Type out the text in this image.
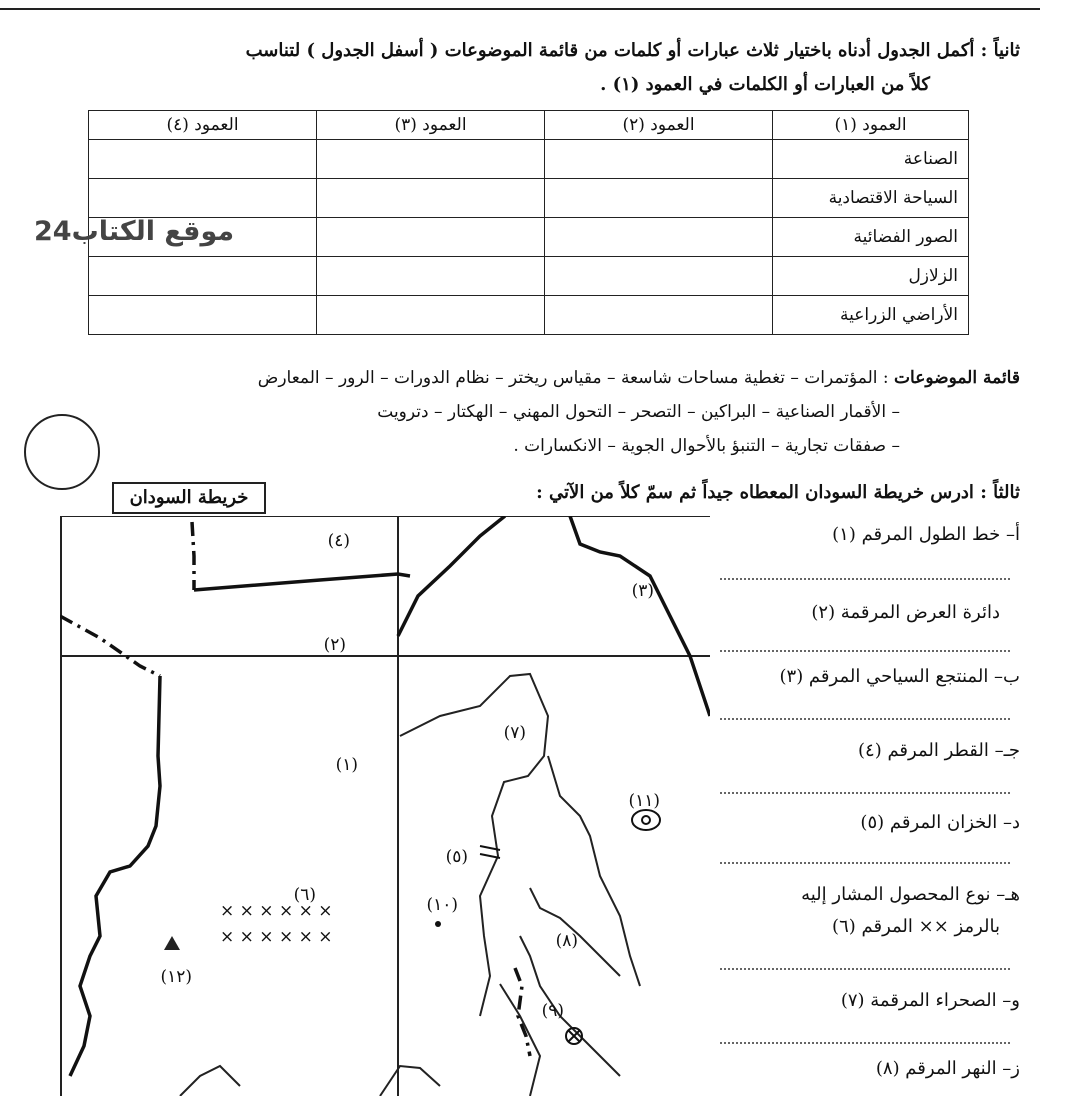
ثانياً : أكمل الجدول أدناه باختيار ثلاث عبارات أو كلمات من قائمة الموضوعات ( أسفل الجدول ) لتناسب
كلاً من العبارات أو الكلمات في العمود (١) .
العمود (١)	العمود (٢)	العمود (٣)	العمود (٤)
الصناعة			
السياحة الاقتصادية			
الصور الفضائية			
الزلازل			
الأراضي الزراعية			
موقع الكتاب24
قائمة الموضوعات : المؤتمرات – تغطية مساحات شاسعة – مقياس ريختر – نظام الدورات – الرور – المعارض
– الأقمار الصناعية – البراكين – التصحر – التحول المهني – الهكتار – دترويت
– صفقات تجارية – التنبؤ بالأحوال الجوية – الانكسارات .
ثالثاً : ادرس خريطة السودان المعطاه جيداً ثم سمّ كلاً من الآتي :
خريطة السودان
× × × × × ×
× × × × × ×
(١)
(٢)
(٣)
(٤)
(٥)
(٦)
(٧)
(٨)
(٩)
(١٠)
(١١)
(١٢)
أ– خط الطول المرقم (١)
دائرة العرض المرقمة (٢)
ب– المنتجع السياحي المرقم (٣)
جـ– القطر المرقم (٤)
د– الخزان المرقم (٥)
هـ– نوع المحصول المشار إليه
بالرمز ×× المرقم (٦)
و– الصحراء المرقمة (٧)
ز– النهر المرقم (٨)
